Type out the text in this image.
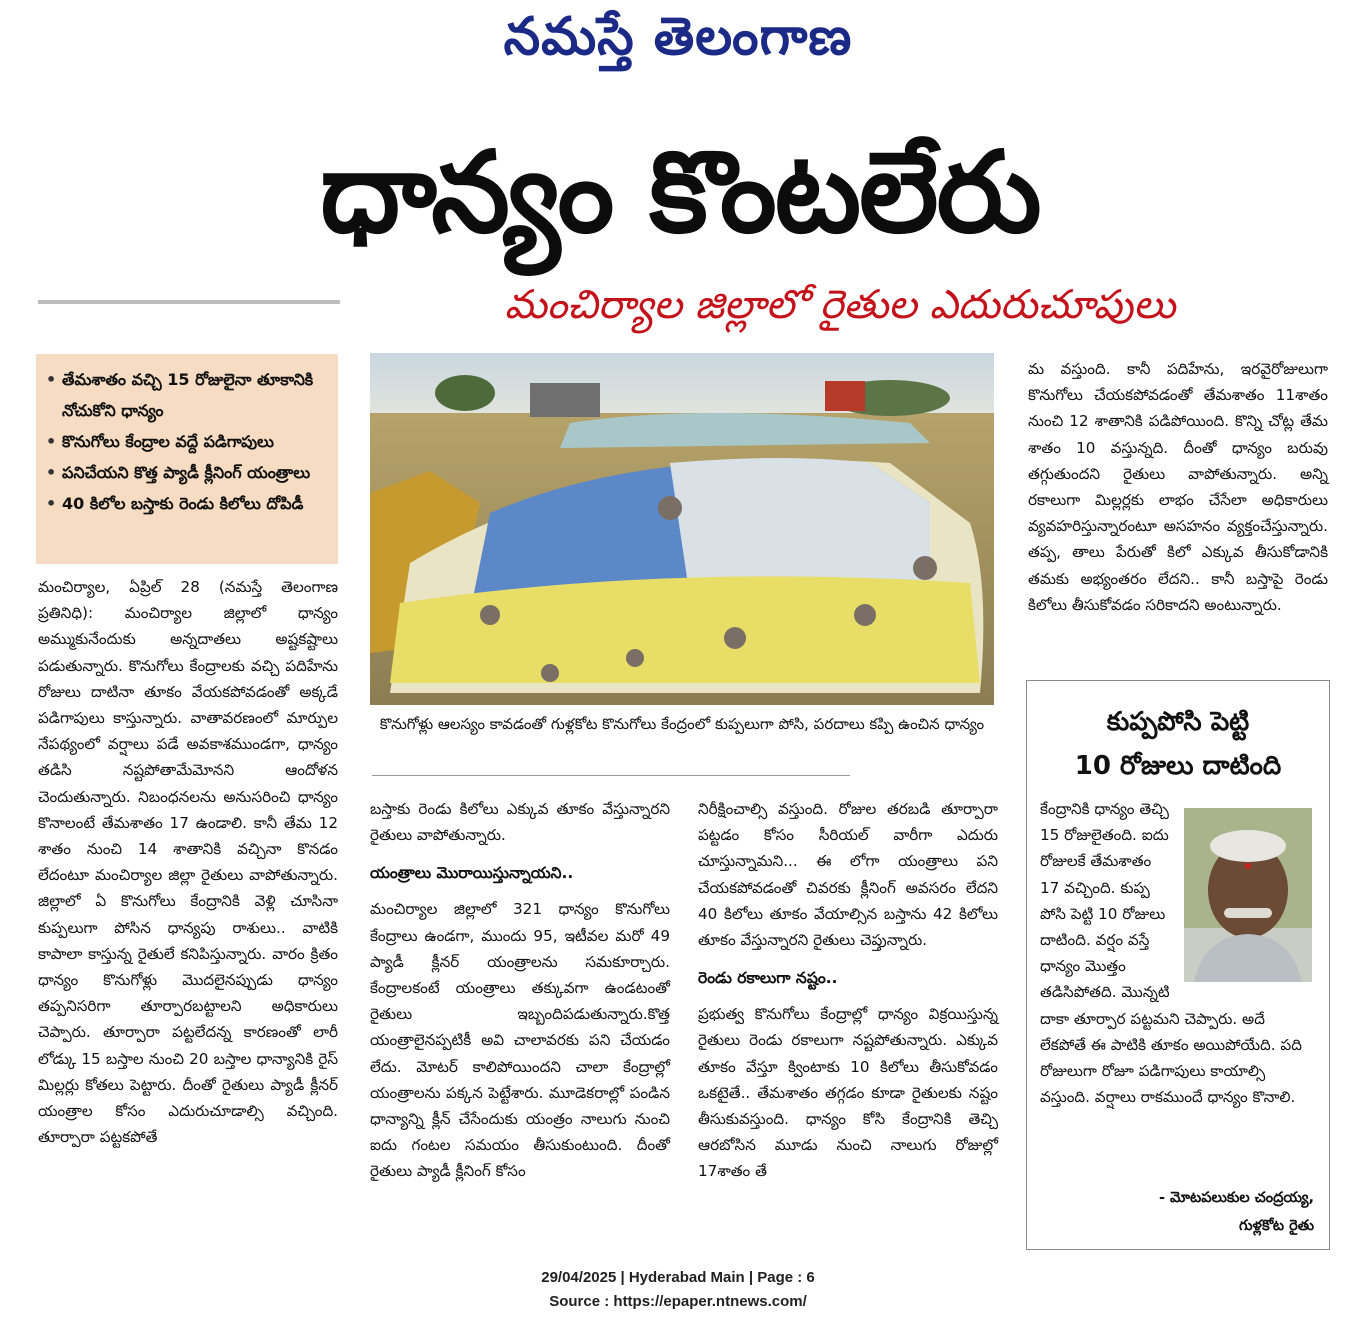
నమస్తే తెలంగాణ
ధాన్యం కొంటలేరు
మంచిర్యాల జిల్లాలో రైతుల ఎదురుచూపులు
• తేమశాతం వచ్చి 15 రోజులైనా తూకానికి నోచుకోని ధాన్యం
• కొనుగోలు కేంద్రాల వద్దే పడిగాపులు
• పనిచేయని కొత్త ప్యాడీ క్లీనింగ్ యంత్రాలు
• 40 కిలోల బస్తాకు రెండు కిలోలు దోపిడీ

మంచిర్యాల, ఏప్రిల్ 28 (నమస్తే తెలంగాణ ప్రతినిధి): మంచిర్యాల జిల్లాలో ధాన్యం అమ్ముకునేందుకు అన్నదాతలు అష్టకష్టాలు పడుతున్నారు. కొనుగోలు కేంద్రాలకు వచ్చి పదిహేను రోజులు దాటినా తూకం వేయకపోవడంతో అక్కడే పడిగాపులు కాస్తున్నారు. వాతావరణంలో మార్పుల నేపథ్యంలో వర్షాలు పడే అవకాశముండగా, ధాన్యం తడిసి నష్టపోతామేమోనని ఆందోళన చెందుతున్నారు. నిబంధనలను అనుసరించి ధాన్యం కొనాలంటే తేమశాతం 17 ఉండాలి. కానీ తేమ 12 శాతం నుంచి 14 శాతానికి వచ్చినా కొనడం లేదంటూ మంచిర్యాల జిల్లా రైతులు వాపోతున్నారు. జిల్లాలో ఏ కొనుగోలు కేంద్రానికి వెళ్లి చూసినా కుప్పలుగా పోసిన ధాన్యపు రాశులు.. వాటికి కాపాలా కాస్తున్న రైతులే కనిపిస్తున్నారు. వారం క్రితం ధాన్యం కొనుగోళ్లు మొదలైనప్పుడు ధాన్యం తప్పనిసరిగా తూర్పారబట్టాలని అధికారులు చెప్పారు. తూర్పారా పట్టలేదన్న కారణంతో లారీ లోడ్కు 15 బస్తాల నుంచి 20 బస్తాల ధాన్యానికి రైస్ మిల్లర్లు కోతలు పెట్టారు. దీంతో రైతులు ప్యాడీ క్లీనర్ యంత్రాల కోసం ఎదురుచూడాల్సి వచ్చింది. తూర్పారా పట్టకపోతే

కొనుగోళ్లు ఆలస్యం కావడంతో గుళ్లకోట కొనుగోలు కేంద్రంలో కుప్పలుగా పోసి, పరదాలు కప్పి ఉంచిన ధాన్యం

బస్తాకు రెండు కిలోలు ఎక్కువ తూకం వేస్తున్నారని రైతులు వాపోతున్నారు.

యంత్రాలు మొరాయిస్తున్నాయని..

మంచిర్యాల జిల్లాలో 321 ధాన్యం కొనుగోలు కేంద్రాలు ఉండగా, ముందు 95, ఇటీవల మరో 49 ప్యాడీ క్లీనర్ యంత్రాలను సమకూర్చారు. కేంద్రాలకంటే యంత్రాలు తక్కువగా ఉండటంతో రైతులు ఇబ్బందిపడుతున్నారు.కొత్త యంత్రాలైనప్పటికీ అవి చాలావరకు పని చేయడం లేదు. మోటర్ కాలిపోయిందని చాలా కేంద్రాల్లో యంత్రాలను పక్కన పెట్టేశారు. మూడెకరాల్లో పండిన ధాన్యాన్ని క్లీన్ చేసేందుకు యంత్రం నాలుగు నుంచి ఐదు గంటల సమయం తీసుకుంటుంది. దీంతో రైతులు ప్యాడీ క్లీనింగ్ కోసం

నిరీక్షించాల్సి వస్తుంది. రోజుల తరబడి తూర్పారా పట్టడం కోసం సీరియల్ వారీగా ఎదురు చూస్తున్నామని... ఈ లోగా యంత్రాలు పని చేయకపోవడంతో చివరకు క్లీనింగ్ అవసరం లేదని 40 కిలోలు తూకం వేయాల్సిన బస్తాను 42 కిలోలు తూకం వేస్తున్నారని రైతులు చెప్తున్నారు.

రెండు రకాలుగా నష్టం..

ప్రభుత్వ కొనుగోలు కేంద్రాల్లో ధాన్యం విక్రయిస్తున్న రైతులు రెండు రకాలుగా నష్టపోతున్నారు. ఎక్కువ తూకం వేస్తూ క్వింటాకు 10 కిలోలు తీసుకోవడం ఒకటైతే.. తేమశాతం తగ్గడం కూడా రైతులకు నష్టం తీసుకువస్తుంది. ధాన్యం కోసి కేంద్రానికి తెచ్చి ఆరబోసిన మూడు నుంచి నాలుగు రోజుల్లో 17శాతం తే

మ వస్తుంది. కానీ పదిహేను, ఇరవైరోజులుగా కొనుగోలు చేయకపోవడంతో తేమశాతం 11శాతం నుంచి 12 శాతానికి పడిపోయింది. కొన్ని చోట్ల తేమ శాతం 10 వస్తున్నది. దీంతో ధాన్యం బరువు తగ్గుతుందని రైతులు వాపోతున్నారు. అన్ని రకాలుగా మిల్లర్లకు లాభం చేసేలా అధికారులు వ్యవహరిస్తున్నారంటూ అసహనం వ్యక్తంచేస్తున్నారు. తప్ప, తాలు పేరుతో కిలో ఎక్కువ తీసుకోడానికి తమకు అభ్యంతరం లేదని.. కానీ బస్తాపై రెండు కిలోలు తీసుకోవడం సరికాదని అంటున్నారు.

కుప్పపోసి పెట్టి
10 రోజులు దాటింది
కేంద్రానికి ధాన్యం తెచ్చి 15 రోజులైతంది. ఐదు రోజులకే తేమశాతం 17 వచ్చింది. కుప్ప పోసి పెట్టి 10 రోజులు దాటింది. వర్షం వస్తే ధాన్యం మొత్తం తడిసిపోతది. మొన్నటి దాకా తూర్పార పట్టమని చెప్పారు. అదే లేకపోతే ఈ పాటికి తూకం అయిపోయేది. పది రోజులుగా రోజూ పడిగాపులు కాయాల్సి వస్తుంది. వర్షాలు రాకముందే ధాన్యం కొనాలి.
- మోటపలుకుల చంద్రయ్య,
గుళ్లకోట రైతు
29/04/2025 | Hyderabad Main | Page : 6
Source : https://epaper.ntnews.com/
